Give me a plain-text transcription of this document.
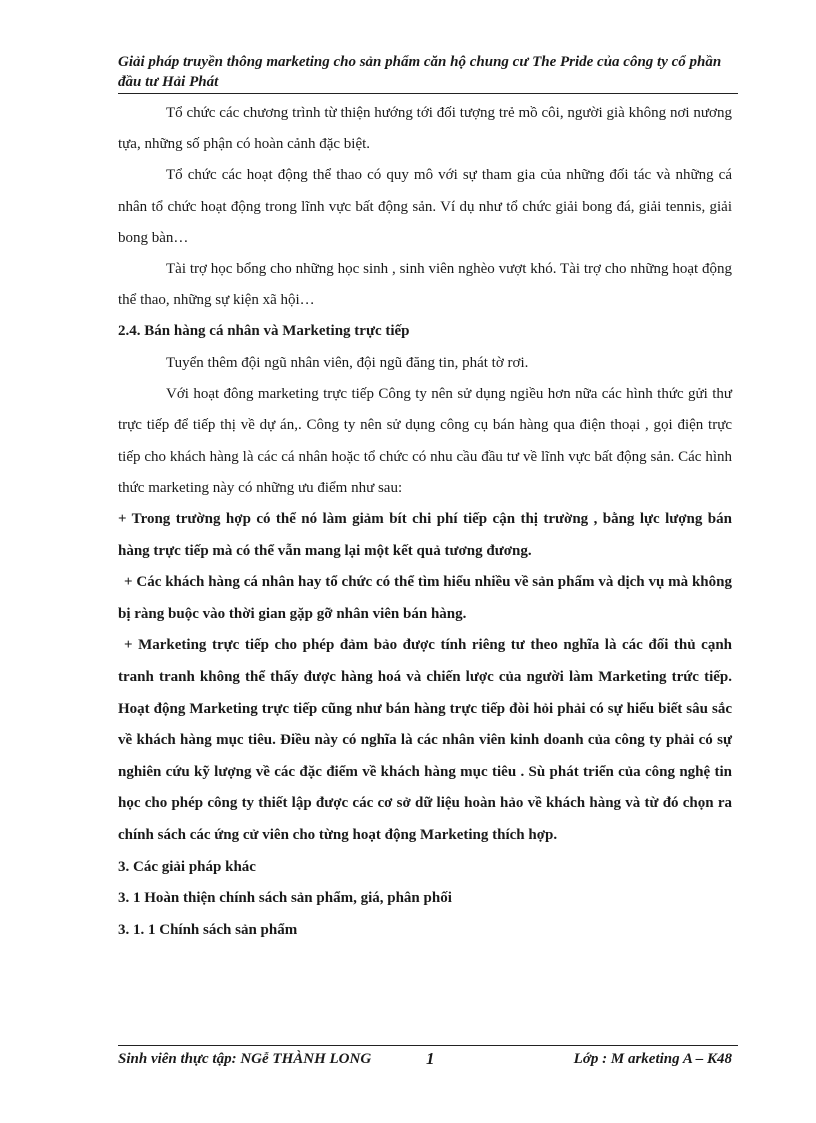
Giải pháp truyền thông marketing cho sản phẩm căn hộ chung cư The Pride của công ty cổ phần đầu tư Hải Phát

Tổ chức các chương trình từ thiện hướng tới đối tượng trẻ mồ côi, người già không nơi nương tựa, những số phận có hoàn cảnh đặc biệt.

Tổ chức các hoạt động thể thao có quy mô với sự tham gia của những đối tác và những cá nhân tổ chức hoạt động trong lĩnh vực bất động sản. Ví dụ như tổ chức giải bong đá, giải tennis, giải bong bàn…

Tài trợ học bổng cho những học sinh , sinh viên nghèo vượt khó. Tài trợ cho những hoạt động thể thao, những sự kiện xã hội…

2.4. Bán hàng cá nhân và Marketing trực tiếp

Tuyển thêm đội ngũ nhân viên, đội ngũ đăng tin, phát tờ rơi.

Với hoạt đông marketing trực tiếp Công ty nên sử dụng ngiều hơn nữa các hình thức gửi thư trực tiếp để tiếp thị về dự án,. Công ty nên sử dụng công cụ bán hàng qua điện thoại , gọi điện trực tiếp cho khách hàng là các cá nhân hoặc tổ chức có nhu cầu đầu tư về lĩnh vực bất động sản. Các hình thức marketing này có những ưu điểm như sau:

+ Trong trường hợp có thể nó làm giảm bít chi phí tiếp cận thị trường , bằng lực lượng bán hàng trực tiếp mà có thể vẫn mang lại một kết quả tương đương.

+ Các khách hàng cá nhân hay tổ chức có thể tìm hiểu nhiều về sản phẩm và dịch vụ mà không bị ràng buộc vào thời gian gặp gỡ nhân viên bán hàng.

+ Marketing trực tiếp cho phép đảm bảo được tính riêng tư theo nghĩa là các đối thủ cạnh tranh tranh không thể thấy được hàng hoá và chiến lược của người làm Marketing trức tiếp. Hoạt động Marketing trực tiếp cũng như bán hàng trực tiếp đòi hỏi phải có sự hiểu biết sâu sắc về khách hàng mục tiêu. Điều này có nghĩa là các nhân viên kinh doanh của công ty phải có sự nghiên cứu kỹ lượng về các đặc điểm về khách hàng mục tiêu . Sù phát triển của công nghệ tin học cho phép công ty thiết lập được các cơ sở dữ liệu hoàn hảo về khách hàng và từ đó chọn ra chính sách các ứng cử viên cho từng hoạt động Marketing thích hợp.

3. Các giải pháp khác

3. 1 Hoàn thiện chính sách sản phẩm, giá, phân phối

3. 1. 1 Chính sách sản phẩm

Sinh viên thực tập: NGễ THÀNH LONG	1	Lớp : M arketing A – K48
